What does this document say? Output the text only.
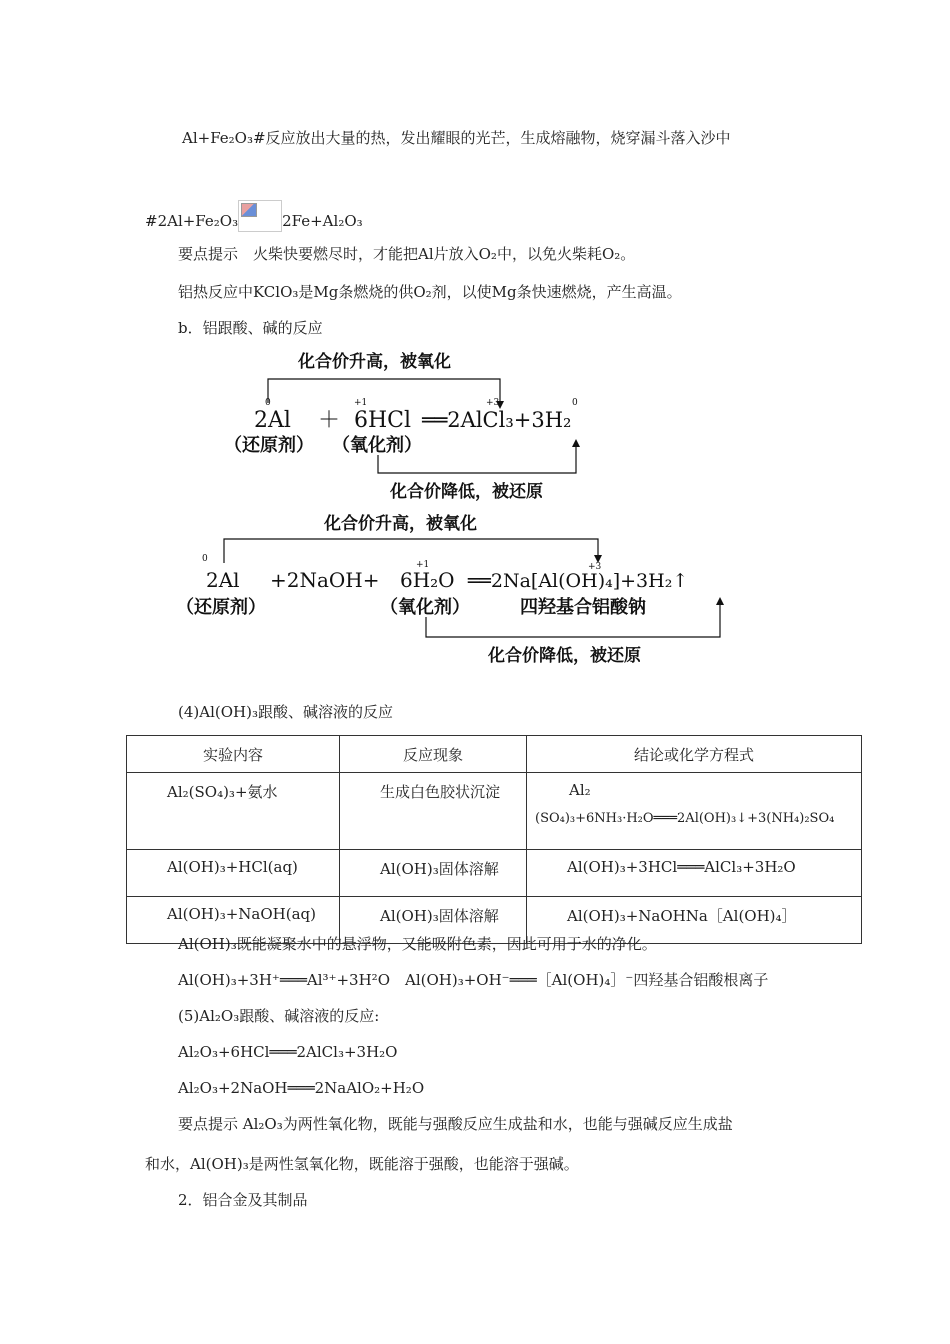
Al+Fe₂O₃#反应放出大量的热，发出耀眼的光芒，生成熔融物，烧穿漏斗落入沙中
#2Al+Fe₂O₃	2Fe+Al₂O₃
要点提示　火柴快要燃尽时，才能把Al片放入O₂中，以免火柴耗O₂。
铝热反应中KClO₃是Mg条燃烧的供O₂剂，以使Mg条快速燃烧，产生高温。
b．铝跟酸、碱的反应
化合价升高，被氧化
0	+1	+3	0
2Al ＋ 6HCl ══2AlCl₃+3H₂
（还原剂） （氧化剂）
化合价降低，被还原
化合价升高，被氧化
0
+1	+3
2Al +2NaOH+ 6H₂O ══2Na[Al(OH)₄]+3H₂↑
（还原剂）	（氧化剂）	四羟基合铝酸钠
化合价降低，被还原
(4)Al(OH)₃跟酸、碱溶液的反应
实验内容	反应现象	结论或化学方程式
Al₂(SO₄)₃+氨水	生成白色胶状沉淀	Al₂
(SO₄)₃+6NH₃·H₂O═══2Al(OH)₃↓+3(NH₄)₂SO₄

Al(OH)₃+HCl(aq)	Al(OH)₃固体溶解	Al(OH)₃+3HCl═══AlCl₃+3H₂O
Al(OH)₃+NaOH(aq)	Al(OH)₃固体溶解	Al(OH)₃+NaOHNa［Al(OH)₄］
Al(OH)₃既能凝聚水中的悬浮物，又能吸附色素，因此可用于水的净化。
Al(OH)₃+3H⁺═══Al³⁺+3H²O　Al(OH)₃+OH⁻═══［Al(OH)₄］⁻四羟基合铝酸根离子
(5)Al₂O₃跟酸、碱溶液的反应:
Al₂O₃+6HCl═══2AlCl₃+3H₂O
Al₂O₃+2NaOH═══2NaAlO₂+H₂O
要点提示 Al₂O₃为两性氧化物，既能与强酸反应生成盐和水，也能与强碱反应生成盐
和水，Al(OH)₃是两性氢氧化物，既能溶于强酸，也能溶于强碱。
2．铝合金及其制品
